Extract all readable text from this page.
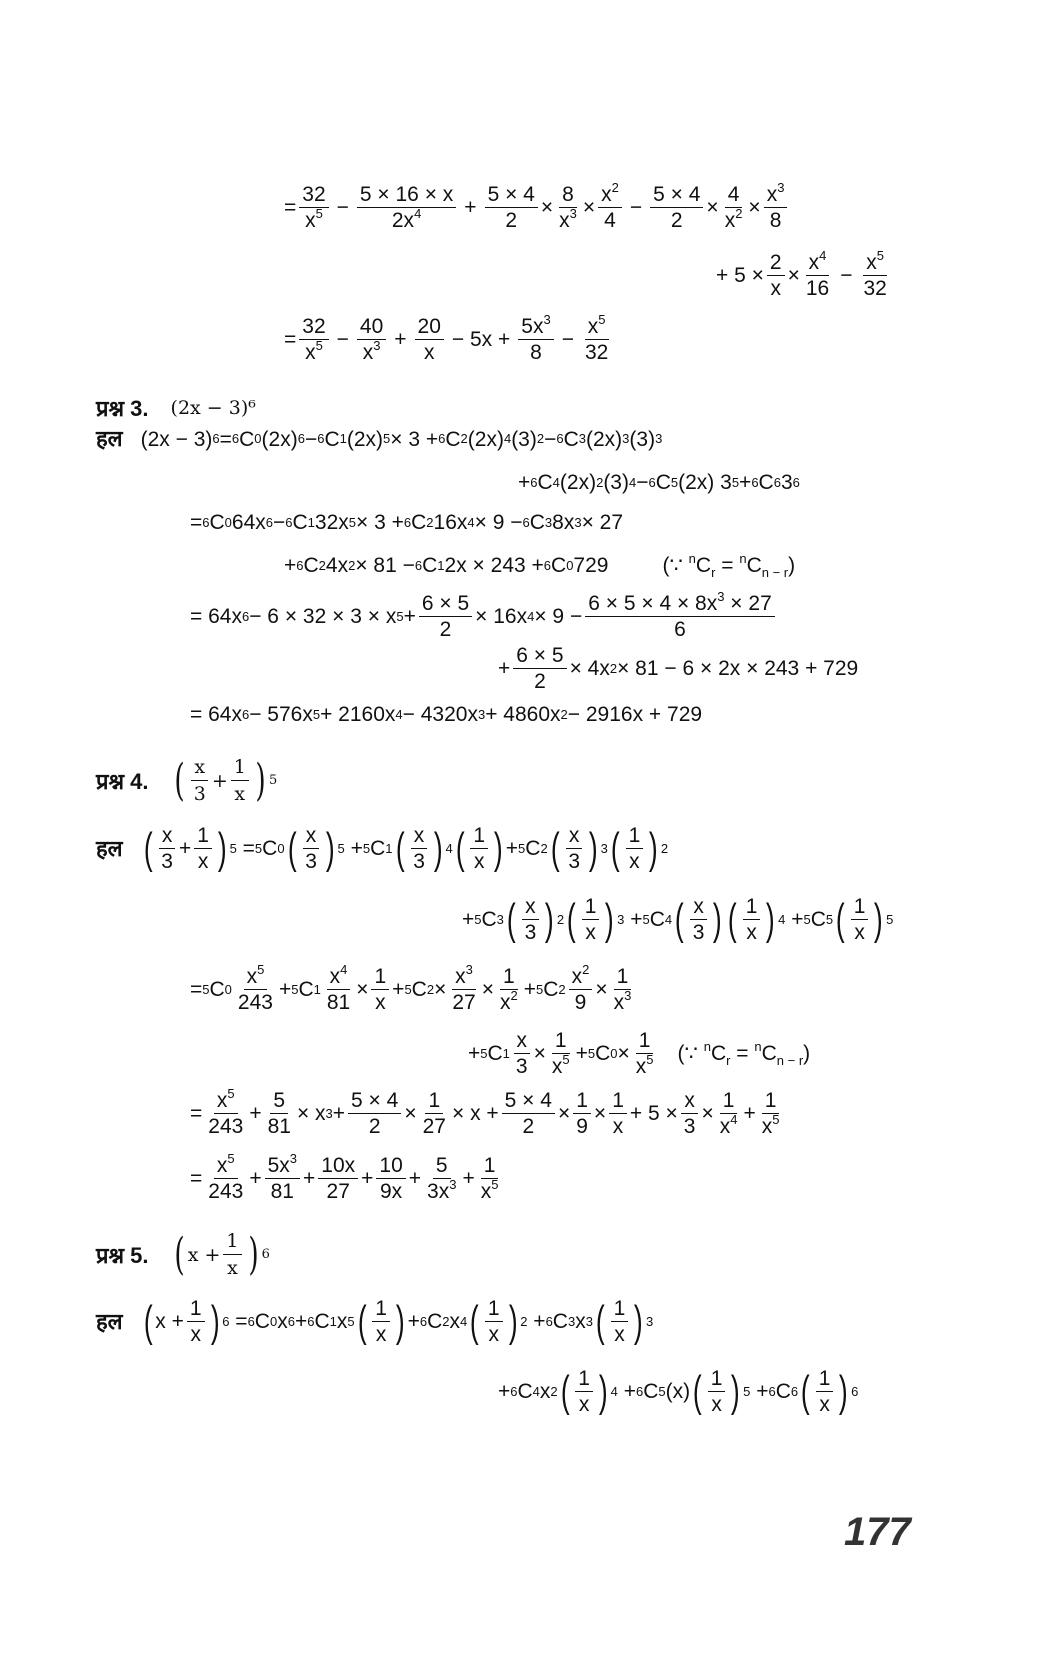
= $\frac{32}{x^5} - \frac{5 \times 16 \times x}{2x^4} + \frac{5 \times 4}{2} \times \frac{8}{x^3} \times \frac{x^2}{4} - \frac{5 \times 4}{2} \times \frac{4}{x^2} \times \frac{x^3}{8}$
+ $5 \times \frac{2}{x} \times \frac{x^4}{16} - \frac{x^5}{32}$
= $\frac{32}{x^5} - \frac{40}{x^3} + \frac{20}{x} - 5x + \frac{5x^3}{8} - \frac{x^5}{32}$
प्रश्न 3. (2x − 3)⁶
हल (2x − 3) 6 = 6 C 0 (2x) 6 − 6 C 1 (2x) 5 × 3 + 6 C 2 (2x) 4 (3) 2 − 6 C 3 (2x) 3 (3) 3
+ 6 C 4 (2x) 2 (3) 4 − 6 C 5 (2x) 3 5 + 6 C 6 3 6
= 6 C 0 64x 6 − 6 C 1 32x 5 × 3 + 6 C 2 16x 4 × 9 − 6 C 3 8x 3 × 27
+ 6 C 2 4x 2 × 81 − 6 C 1 2x × 243 + 6 C 0 729	(∵ $^nC_r = ^nC_{n - r}$)
= 64x 6 − 6 × 32 × 3 × x $5 + \frac{6 \times 5}{2} \times 16x$ $4 \times 9 - \frac{6 \times 5 \times 4 \times 8x^3 \times 27}{6}$
+ $\frac{6 \times 5}{2} \times 4x$ 2 × 81 − 6 × 2x × 243 + 729
= 64x 6 − 576x 5 + 2160x 4 − 4320x 3 + 4860x 2 − 2916x + 729
प्रश्न 4. ( $\frac{x}{3} + \frac{1}{x}$ ) 5
हल ( $\frac{x}{3} + \frac{1}{x}$ ) 5 = 5 C 0 ( $\frac{x}{3}$ ) 5 + 5 C 1 ( $\frac{x}{3}$ ) 4 ( $\frac{1}{x}$ ) + 5 C 2 ( $\frac{x}{3}$ ) 3 ( $\frac{1}{x}$ ) 2
+ 5 C 3 ( $\frac{x}{3}$ ) 2 ( $\frac{1}{x}$ ) 3 + 5 C 4 ( $\frac{x}{3}$ ) ( $\frac{1}{x}$ ) 4 + 5 C 5 ( $\frac{1}{x}$ ) 5
= 5 C $0 \frac{x^5}{243} + 5$ C $1 \frac{x^4}{81} \times \frac{1}{x} + 5$ C $2 \times \frac{x^3}{27} \times \frac{1}{x^2} + 5$ C $2 \frac{x^2}{9} \times \frac{1}{x^3}$
+ 5 C $1 \frac{x}{3} \times \frac{1}{x^5} + 5$ C $0 \times \frac{1}{x^5}$ (∵ $^nC_r = ^nC_{n - r}$)
= $\frac{x^5}{243} + \frac{5}{81} \times x$ $3 + \frac{5 \times 4}{2} \times \frac{1}{27} \times x + \frac{5 \times 4}{2} \times \frac{1}{9} \times \frac{1}{x} + 5 \times \frac{x}{3} \times \frac{1}{x^4} + \frac{1}{x^5}$
= $\frac{x^5}{243} + \frac{5x^3}{81} + \frac{10x}{27} + \frac{10}{9x} + \frac{5}{3x^3} + \frac{1}{x^5}$
प्रश्न 5. ( $x + \frac{1}{x}$ ) 6
हल ( $x + \frac{1}{x}$ ) 6 = 6 C 0 x 6 + 6 C 1 x 5 ( $\frac{1}{x}$ ) + 6 C 2 x 4 ( $\frac{1}{x}$ ) 2 + 6 C 3 x 3 ( $\frac{1}{x}$ ) 3
+ 6 C 4 x 2 ( $\frac{1}{x}$ ) 4 + 6 C 5 (x) ( $\frac{1}{x}$ ) 5 + 6 C 6 ( $\frac{1}{x}$ ) 6
177
